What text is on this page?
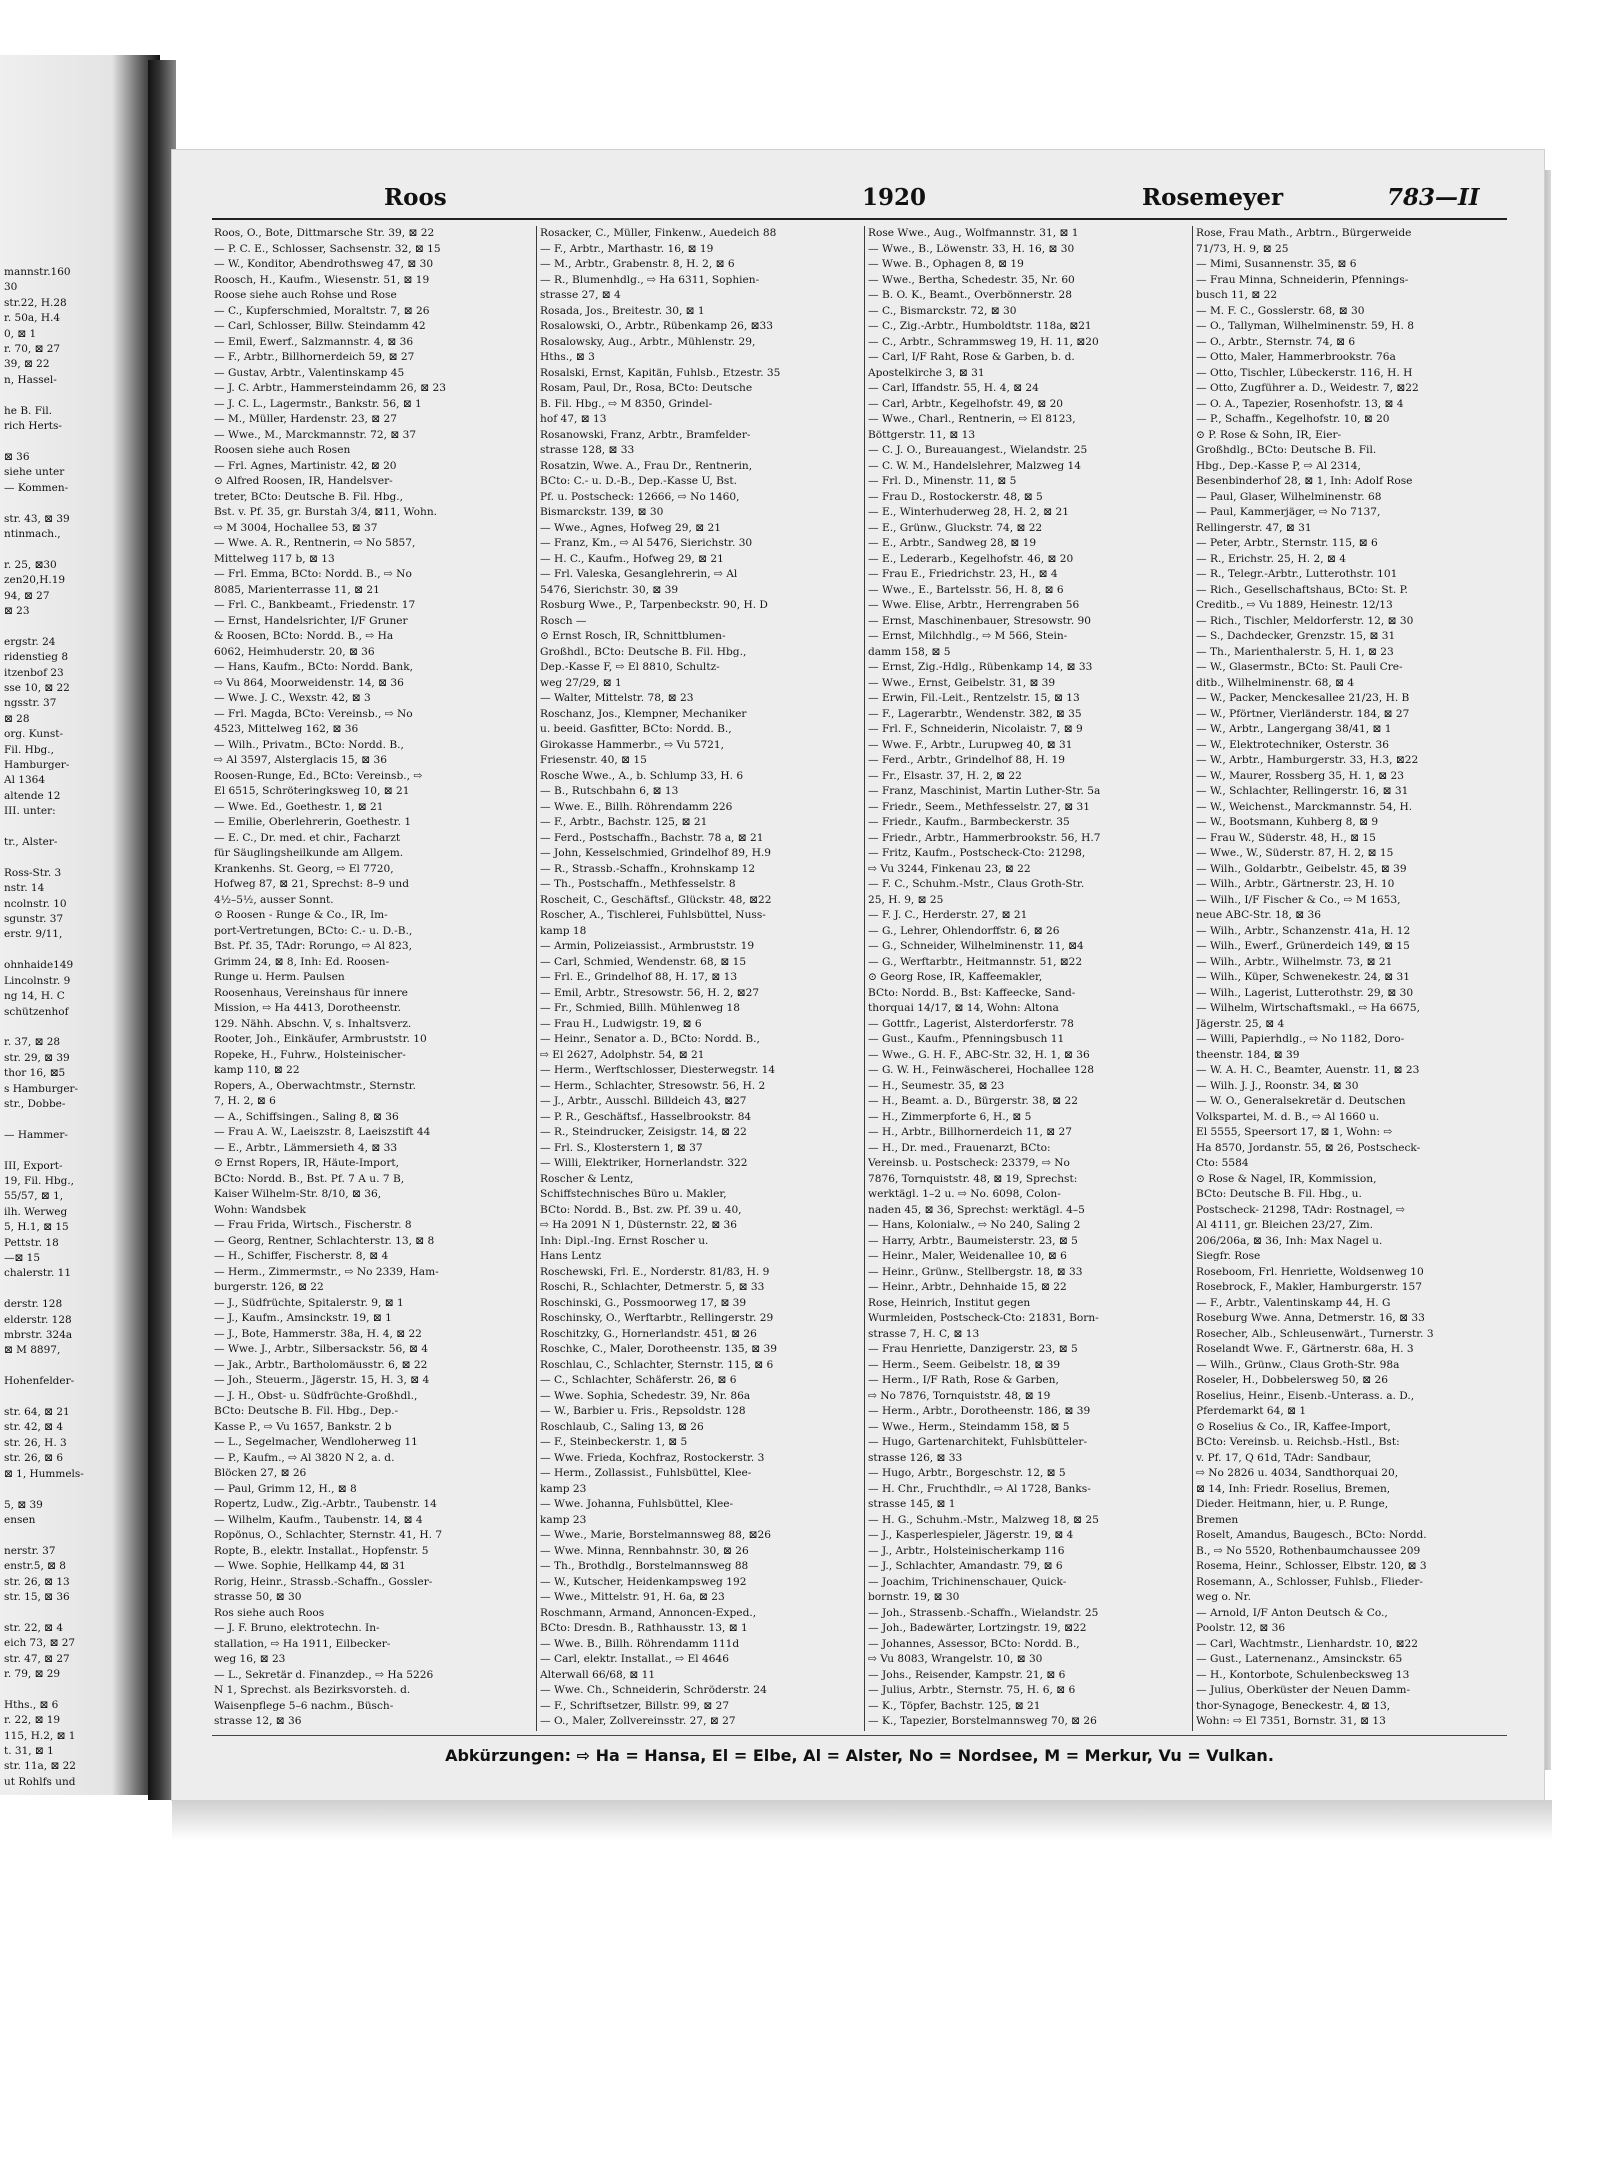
mannstr.160
30
str.22, H.28
r. 50a, H.4
0, ⊠ 1
r. 70, ⊠ 27
39, ⊠ 22
n, Hassel-

he B. Fil.
rich Herts-

⊠ 36
siehe unter
— Kommen-

str. 43, ⊠ 39
ntinmach.,

r. 25, ⊠30
zen20,H.19
94, ⊠ 27
⊠ 23

ergstr. 24
ridenstieg 8
itzenbof 23
sse 10, ⊠ 22
ngsstr. 37
⊠ 28
org. Kunst-
Fil. Hbg.,
Hamburger-
Al 1364
altende 12
III. unter:

tr., Alster-

Ross-Str. 3
nstr. 14
ncolnstr. 10
sgunstr. 37
erstr. 9/11,

ohnhaide149
Lincolnstr. 9
ng 14, H. C
schützenhof

r. 37, ⊠ 28
str. 29, ⊠ 39
thor 16, ⊠5
s Hamburger-
str., Dobbe-

— Hammer-

III, Export-
19, Fil. Hbg.,
55/57, ⊠ 1,
ilh. Werweg
5, H.1, ⊠ 15
Pettstr. 18
—⊠ 15
chalerstr. 11

derstr. 128
elderstr. 128
mbrstr. 324a
⊠ M 8897,

Hohenfelder-

str. 64, ⊠ 21
str. 42, ⊠ 4
str. 26, H. 3
str. 26, ⊠ 6
⊠ 1, Hummels-

5, ⊠ 39
ensen

nerstr. 37
enstr.5, ⊠ 8
str. 26, ⊠ 13
str. 15, ⊠ 36

str. 22, ⊠ 4
eich 73, ⊠ 27
str. 47, ⊠ 27
r. 79, ⊠ 29

Hths., ⊠ 6
r. 22, ⊠ 19
115, H.2, ⊠ 1
t. 31, ⊠ 1
str. 11a, ⊠ 22
ut Rohlfs und

Roos	1920	Rosemeyer	783—II
Roos, O., Bote, Dittmarsche Str. 39, ⊠ 22
— P. C. E., Schlosser, Sachsenstr. 32, ⊠ 15
— W., Konditor, Abendrothsweg 47, ⊠ 30
Roosch, H., Kaufm., Wiesenstr. 51, ⊠ 19
Roose siehe auch Rohse und Rose
— C., Kupferschmied, Moraltstr. 7, ⊠ 26
— Carl, Schlosser, Billw. Steindamm 42
— Emil, Ewerf., Salzmannstr. 4, ⊠ 36
— F., Arbtr., Billhornerdeich 59, ⊠ 27
— Gustav, Arbtr., Valentinskamp 45
— J. C. Arbtr., Hammersteindamm 26, ⊠ 23
— J. C. L., Lagermstr., Bankstr. 56, ⊠ 1
— M., Müller, Hardenstr. 23, ⊠ 27
— Wwe., M., Marckmannstr. 72, ⊠ 37
Roosen siehe auch Rosen
— Frl. Agnes, Martinistr. 42, ⊠ 20
⊙ Alfred Roosen, IR, Handelsver-
treter, BCto: Deutsche B. Fil. Hbg.,
Bst. v. Pf. 35, gr. Burstah 3/4, ⊠11, Wohn.
⇨ M 3004, Hochallee 53, ⊠ 37
— Wwe. A. R., Rentnerin, ⇨ No 5857,
Mittelweg 117 b, ⊠ 13
— Frl. Emma, BCto: Nordd. B., ⇨ No
8085, Marienterrasse 11, ⊠ 21
— Frl. C., Bankbeamt., Friedenstr. 17
— Ernst, Handelsrichter, I/F Gruner
& Roosen, BCto: Nordd. B., ⇨ Ha
6062, Heimhuderstr. 20, ⊠ 36
— Hans, Kaufm., BCto: Nordd. Bank,
⇨ Vu 864, Moorweidenstr. 14, ⊠ 36
— Wwe. J. C., Wexstr. 42, ⊠ 3
— Frl. Magda, BCto: Vereinsb., ⇨ No
4523, Mittelweg 162, ⊠ 36
— Wilh., Privatm., BCto: Nordd. B.,
⇨ Al 3597, Alsterglacis 15, ⊠ 36
Roosen-Runge, Ed., BCto: Vereinsb., ⇨
El 6515, Schröteringksweg 10, ⊠ 21
— Wwe. Ed., Goethestr. 1, ⊠ 21
— Emilie, Oberlehrerin, Goethestr. 1
— E. C., Dr. med. et chir., Facharzt
für Säuglingsheilkunde am Allgem.
Krankenhs. St. Georg, ⇨ El 7720,
Hofweg 87, ⊠ 21, Sprechst: 8–9 und
4½–5½, ausser Sonnt.
⊙ Roosen - Runge & Co., IR, Im-
port-Vertretungen, BCto: C.- u. D.-B.,
Bst. Pf. 35, TAdr: Rorungo, ⇨ Al 823,
Grimm 24, ⊠ 8, Inh: Ed. Roosen-
Runge u. Herm. Paulsen
Roosenhaus, Vereinshaus für innere
Mission, ⇨ Ha 4413, Dorotheenstr.
129. Nähh. Abschn. V, s. Inhaltsverz.
Rooter, Joh., Einkäufer, Armbruststr. 10
Ropeke, H., Fuhrw., Holsteinischer-
kamp 110, ⊠ 22
Ropers, A., Oberwachtmstr., Sternstr.
7, H. 2, ⊠ 6
— A., Schiffsingen., Saling 8, ⊠ 36
— Frau A. W., Laeiszstr. 8, Laeiszstift 44
— E., Arbtr., Lämmersieth 4, ⊠ 33
⊙ Ernst Ropers, IR, Häute-Import,
BCto: Nordd. B., Bst. Pf. 7 A u. 7 B,
Kaiser Wilhelm-Str. 8/10, ⊠ 36,
Wohn: Wandsbek
— Frau Frida, Wirtsch., Fischerstr. 8
— Georg, Rentner, Schlachterstr. 13, ⊠ 8
— H., Schiffer, Fischerstr. 8, ⊠ 4
— Herm., Zimmermstr., ⇨ No 2339, Ham-
burgerstr. 126, ⊠ 22
— J., Südfrüchte, Spitalerstr. 9, ⊠ 1
— J., Kaufm., Amsinckstr. 19, ⊠ 1
— J., Bote, Hammerstr. 38a, H. 4, ⊠ 22
— Wwe. J., Arbtr., Silbersackstr. 56, ⊠ 4
— Jak., Arbtr., Bartholomäusstr. 6, ⊠ 22
— Joh., Steuerm., Jägerstr. 15, H. 3, ⊠ 4
— J. H., Obst- u. Südfrüchte-Großhdl.,
BCto: Deutsche B. Fil. Hbg., Dep.-
Kasse P., ⇨ Vu 1657, Bankstr. 2 b
— L., Segelmacher, Wendloherweg 11
— P., Kaufm., ⇨ Al 3820 N 2, a. d.
Blöcken 27, ⊠ 26
— Paul, Grimm 12, H., ⊠ 8
Ropertz, Ludw., Zig.-Arbtr., Taubenstr. 14
— Wilhelm, Kaufm., Taubenstr. 14, ⊠ 4
Ropönus, O., Schlachter, Sternstr. 41, H. 7
Ropte, B., elektr. Installat., Hopfenstr. 5
— Wwe. Sophie, Hellkamp 44, ⊠ 31
Rorig, Heinr., Strassb.-Schaffn., Gossler-
strasse 50, ⊠ 30
Ros siehe auch Roos
— J. F. Bruno, elektrotechn. In-
stallation, ⇨ Ha 1911, Eilbecker-
weg 16, ⊠ 23
— L., Sekretär d. Finanzdep., ⇨ Ha 5226
N 1, Sprechst. als Bezirksvorsteh. d.
Waisenpflege 5–6 nachm., Büsch-
strasse 12, ⊠ 36
Rosacker, C., Müller, Finkenw., Auedeich 88
— F., Arbtr., Marthastr. 16, ⊠ 19
— M., Arbtr., Grabenstr. 8, H. 2, ⊠ 6
— R., Blumenhdlg., ⇨ Ha 6311, Sophien-
strasse 27, ⊠ 4
Rosada, Jos., Breitestr. 30, ⊠ 1
Rosalowski, O., Arbtr., Rübenkamp 26, ⊠33
Rosalowsky, Aug., Arbtr., Mühlenstr. 29,
Hths., ⊠ 3
Rosalski, Ernst, Kapitän, Fuhlsb., Etzestr. 35
Rosam, Paul, Dr., Rosa, BCto: Deutsche
B. Fil. Hbg., ⇨ M 8350, Grindel-
hof 47, ⊠ 13
Rosanowski, Franz, Arbtr., Bramfelder-
strasse 128, ⊠ 33
Rosatzin, Wwe. A., Frau Dr., Rentnerin,
BCto: C.- u. D.-B., Dep.-Kasse U, Bst.
Pf. u. Postscheck: 12666, ⇨ No 1460,
Bismarckstr. 139, ⊠ 30
— Wwe., Agnes, Hofweg 29, ⊠ 21
— Franz, Km., ⇨ Al 5476, Sierichstr. 30
— H. C., Kaufm., Hofweg 29, ⊠ 21
— Frl. Valeska, Gesanglehrerin, ⇨ Al
5476, Sierichstr. 30, ⊠ 39
Rosburg Wwe., P., Tarpenbeckstr. 90, H. D
Rosch —
⊙ Ernst Rosch, IR, Schnittblumen-
Großhdl., BCto: Deutsche B. Fil. Hbg.,
Dep.-Kasse F, ⇨ El 8810, Schultz-
weg 27/29, ⊠ 1
— Walter, Mittelstr. 78, ⊠ 23
Roschanz, Jos., Klempner, Mechaniker
u. beeid. Gasfitter, BCto: Nordd. B.,
Girokasse Hammerbr., ⇨ Vu 5721,
Friesenstr. 40, ⊠ 15
Rosche Wwe., A., b. Schlump 33, H. 6
— B., Rutschbahn 6, ⊠ 13
— Wwe. E., Billh. Röhrendamm 226
— F., Arbtr., Bachstr. 125, ⊠ 21
— Ferd., Postschaffn., Bachstr. 78 a, ⊠ 21
— John, Kesselschmied, Grindelhof 89, H.9
— R., Strassb.-Schaffn., Krohnskamp 12
— Th., Postschaffn., Methfesselstr. 8
Roscheit, C., Geschäftsf., Glückstr. 48, ⊠22
Roscher, A., Tischlerei, Fuhlsbüttel, Nuss-
kamp 18
— Armin, Polizeiassist., Armbruststr. 19
— Carl, Schmied, Wendenstr. 68, ⊠ 15
— Frl. E., Grindelhof 88, H. 17, ⊠ 13
— Emil, Arbtr., Stresowstr. 56, H. 2, ⊠27
— Fr., Schmied, Billh. Mühlenweg 18
— Frau H., Ludwigstr. 19, ⊠ 6
— Heinr., Senator a. D., BCto: Nordd. B.,
⇨ El 2627, Adolphstr. 54, ⊠ 21
— Herm., Werftschlosser, Diesterwegstr. 14
— Herm., Schlachter, Stresowstr. 56, H. 2
— J., Arbtr., Ausschl. Billdeich 43, ⊠27
— P. R., Geschäftsf., Hasselbrookstr. 84
— R., Steindrucker, Zeisigstr. 14, ⊠ 22
— Frl. S., Klosterstern 1, ⊠ 37
— Willi, Elektriker, Hornerlandstr. 322
Roscher & Lentz,
Schiffstechnisches Büro u. Makler,
BCto: Nordd. B., Bst. zw. Pf. 39 u. 40,
⇨ Ha 2091 N 1, Düsternstr. 22, ⊠ 36
Inh: Dipl.-Ing. Ernst Roscher u.
Hans Lentz
Roschewski, Frl. E., Norderstr. 81/83, H. 9
Roschi, R., Schlachter, Detmerstr. 5, ⊠ 33
Roschinski, G., Possmoorweg 17, ⊠ 39
Roschinsky, O., Werftarbtr., Rellingerstr. 29
Roschitzky, G., Hornerlandstr. 451, ⊠ 26
Roschke, C., Maler, Dorotheenstr. 135, ⊠ 39
Roschlau, C., Schlachter, Sternstr. 115, ⊠ 6
— C., Schlachter, Schäferstr. 26, ⊠ 6
— Wwe. Sophia, Schedestr. 39, Nr. 86a
— W., Barbier u. Fris., Repsoldstr. 128
Roschlaub, C., Saling 13, ⊠ 26
— F., Steinbeckerstr. 1, ⊠ 5
— Wwe. Frieda, Kochfraz, Rostockerstr. 3
— Herm., Zollassist., Fuhlsbüttel, Klee-
kamp 23
— Wwe. Johanna, Fuhlsbüttel, Klee-
kamp 23
— Wwe., Marie, Borstelmannsweg 88, ⊠26
— Wwe. Minna, Rennbahnstr. 30, ⊠ 26
— Th., Brothdlg., Borstelmannsweg 88
— W., Kutscher, Heidenkampsweg 192
— Wwe., Mittelstr. 91, H. 6a, ⊠ 23
Roschmann, Armand, Annoncen-Exped.,
BCto: Dresdn. B., Rathhausstr. 13, ⊠ 1
— Wwe. B., Billh. Röhrendamm 111d
— Carl, elektr. Installat., ⇨ El 4646
Alterwall 66/68, ⊠ 11
— Wwe. Ch., Schneiderin, Schröderstr. 24
— F., Schriftsetzer, Billstr. 99, ⊠ 27
— O., Maler, Zollvereinsstr. 27, ⊠ 27
Rose Wwe., Aug., Wolfmannstr. 31, ⊠ 1
— Wwe., B., Löwenstr. 33, H. 16, ⊠ 30
— Wwe. B., Ophagen 8, ⊠ 19
— Wwe., Bertha, Schedestr. 35, Nr. 60
— B. O. K., Beamt., Overbönnerstr. 28
— C., Bismarckstr. 72, ⊠ 30
— C., Zig.-Arbtr., Humboldtstr. 118a, ⊠21
— C., Arbtr., Schrammsweg 19, H. 11, ⊠20
— Carl, I/F Raht, Rose & Garben, b. d.
Apostelkirche 3, ⊠ 31
— Carl, Iffandstr. 55, H. 4, ⊠ 24
— Carl, Arbtr., Kegelhofstr. 49, ⊠ 20
— Wwe., Charl., Rentnerin, ⇨ El 8123,
Böttgerstr. 11, ⊠ 13
— C. J. O., Bureauangest., Wielandstr. 25
— C. W. M., Handelslehrer, Malzweg 14
— Frl. D., Minenstr. 11, ⊠ 5
— Frau D., Rostockerstr. 48, ⊠ 5
— E., Winterhuderweg 28, H. 2, ⊠ 21
— E., Grünw., Gluckstr. 74, ⊠ 22
— E., Arbtr., Sandweg 28, ⊠ 19
— E., Lederarb., Kegelhofstr. 46, ⊠ 20
— Frau E., Friedrichstr. 23, H., ⊠ 4
— Wwe., E., Bartelsstr. 56, H. 8, ⊠ 6
— Wwe. Elise, Arbtr., Herrengraben 56
— Ernst, Maschinenbauer, Stresowstr. 90
— Ernst, Milchhdlg., ⇨ M 566, Stein-
damm 158, ⊠ 5
— Ernst, Zig.-Hdlg., Rübenkamp 14, ⊠ 33
— Wwe., Ernst, Geibelstr. 31, ⊠ 39
— Erwin, Fil.-Leit., Rentzelstr. 15, ⊠ 13
— F., Lagerarbtr., Wendenstr. 382, ⊠ 35
— Frl. F., Schneiderin, Nicolaistr. 7, ⊠ 9
— Wwe. F., Arbtr., Lurupweg 40, ⊠ 31
— Ferd., Arbtr., Grindelhof 88, H. 19
— Fr., Elsastr. 37, H. 2, ⊠ 22
— Franz, Maschinist, Martin Luther-Str. 5a
— Friedr., Seem., Methfesselstr. 27, ⊠ 31
— Friedr., Kaufm., Barmbeckerstr. 35
— Friedr., Arbtr., Hammerbrookstr. 56, H.7
— Fritz, Kaufm., Postscheck-Cto: 21298,
⇨ Vu 3244, Finkenau 23, ⊠ 22
— F. C., Schuhm.-Mstr., Claus Groth-Str.
25, H. 9, ⊠ 25
— F. J. C., Herderstr. 27, ⊠ 21
— G., Lehrer, Ohlendorffstr. 6, ⊠ 26
— G., Schneider, Wilhelminenstr. 11, ⊠4
— G., Werftarbtr., Heitmannstr. 51, ⊠22
⊙ Georg Rose, IR, Kaffeemakler,
BCto: Nordd. B., Bst: Kaffeecke, Sand-
thorquai 14/17, ⊠ 14, Wohn: Altona
— Gottfr., Lagerist, Alsterdorferstr. 78
— Gust., Kaufm., Pfenningsbusch 11
— Wwe., G. H. F., ABC-Str. 32, H. 1, ⊠ 36
— G. W. H., Feinwäscherei, Hochallee 128
— H., Seumestr. 35, ⊠ 23
— H., Beamt. a. D., Bürgerstr. 38, ⊠ 22
— H., Zimmerpforte 6, H., ⊠ 5
— H., Arbtr., Billhornerdeich 11, ⊠ 27
— H., Dr. med., Frauenarzt, BCto:
Vereinsb. u. Postscheck: 23379, ⇨ No
7876, Tornquiststr. 48, ⊠ 19, Sprechst:
werktägl. 1–2 u. ⇨ No. 6098, Colon-
naden 45, ⊠ 36, Sprechst: werktägl. 4–5
— Hans, Kolonialw., ⇨ No 240, Saling 2
— Harry, Arbtr., Baumeisterstr. 23, ⊠ 5
— Heinr., Maler, Weidenallee 10, ⊠ 6
— Heinr., Grünw., Stellbergstr. 18, ⊠ 33
— Heinr., Arbtr., Dehnhaide 15, ⊠ 22
Rose, Heinrich, Institut gegen
Wurmleiden, Postscheck-Cto: 21831, Born-
strasse 7, H. C, ⊠ 13
— Frau Henriette, Danzigerstr. 23, ⊠ 5
— Herm., Seem. Geibelstr. 18, ⊠ 39
— Herm., I/F Rath, Rose & Garben,
⇨ No 7876, Tornquiststr. 48, ⊠ 19
— Herm., Arbtr., Dorotheenstr. 186, ⊠ 39
— Wwe., Herm., Steindamm 158, ⊠ 5
— Hugo, Gartenarchitekt, Fuhlsbütteler-
strasse 126, ⊠ 33
— Hugo, Arbtr., Borgeschstr. 12, ⊠ 5
— H. Chr., Fruchthdlr., ⇨ Al 1728, Banks-
strasse 145, ⊠ 1
— H. G., Schuhm.-Mstr., Malzweg 18, ⊠ 25
— J., Kasperlespieler, Jägerstr. 19, ⊠ 4
— J., Arbtr., Holsteinischerkamp 116
— J., Schlachter, Amandastr. 79, ⊠ 6
— Joachim, Trichinenschauer, Quick-
bornstr. 19, ⊠ 30
— Joh., Strassenb.-Schaffn., Wielandstr. 25
— Joh., Badewärter, Lortzingstr. 19, ⊠22
— Johannes, Assessor, BCto: Nordd. B.,
⇨ Vu 8083, Wrangelstr. 10, ⊠ 30
— Johs., Reisender, Kampstr. 21, ⊠ 6
— Julius, Arbtr., Sternstr. 75, H. 6, ⊠ 6
— K., Töpfer, Bachstr. 125, ⊠ 21
— K., Tapezier, Borstelmannsweg 70, ⊠ 26
Rose, Frau Math., Arbtrn., Bürgerweide
71/73, H. 9, ⊠ 25
— Mimi, Susannenstr. 35, ⊠ 6
— Frau Minna, Schneiderin, Pfennings-
busch 11, ⊠ 22
— M. F. C., Gosslerstr. 68, ⊠ 30
— O., Tallyman, Wilhelminenstr. 59, H. 8
— O., Arbtr., Sternstr. 74, ⊠ 6
— Otto, Maler, Hammerbrookstr. 76a
— Otto, Tischler, Lübeckerstr. 116, H. H
— Otto, Zugführer a. D., Weidestr. 7, ⊠22
— O. A., Tapezier, Rosenhofstr. 13, ⊠ 4
— P., Schaffn., Kegelhofstr. 10, ⊠ 20
⊙ P. Rose & Sohn, IR, Eier-
Großhdlg., BCto: Deutsche B. Fil.
Hbg., Dep.-Kasse P, ⇨ Al 2314,
Besenbinderhof 28, ⊠ 1, Inh: Adolf Rose
— Paul, Glaser, Wilhelminenstr. 68
— Paul, Kammerjäger, ⇨ No 7137,
Rellingerstr. 47, ⊠ 31
— Peter, Arbtr., Sternstr. 115, ⊠ 6
— R., Erichstr. 25, H. 2, ⊠ 4
— R., Telegr.-Arbtr., Lutterothstr. 101
— Rich., Gesellschaftshaus, BCto: St. P.
Creditb., ⇨ Vu 1889, Heinestr. 12/13
— Rich., Tischler, Meldorferstr. 12, ⊠ 30
— S., Dachdecker, Grenzstr. 15, ⊠ 31
— Th., Marienthalerstr. 5, H. 1, ⊠ 23
— W., Glasermstr., BCto: St. Pauli Cre-
ditb., Wilhelminenstr. 68, ⊠ 4
— W., Packer, Menckesallee 21/23, H. B
— W., Pförtner, Vierländerstr. 184, ⊠ 27
— W., Arbtr., Langergang 38/41, ⊠ 1
— W., Elektrotechniker, Osterstr. 36
— W., Arbtr., Hamburgerstr. 33, H.3, ⊠22
— W., Maurer, Rossberg 35, H. 1, ⊠ 23
— W., Schlachter, Rellingerstr. 16, ⊠ 31
— W., Weichenst., Marckmannstr. 54, H.
— W., Bootsmann, Kuhberg 8, ⊠ 9
— Frau W., Süderstr. 48, H., ⊠ 15
— Wwe., W., Süderstr. 87, H. 2, ⊠ 15
— Wilh., Goldarbtr., Geibelstr. 45, ⊠ 39
— Wilh., Arbtr., Gärtnerstr. 23, H. 10
— Wilh., I/F Fischer & Co., ⇨ M 1653,
neue ABC-Str. 18, ⊠ 36
— Wilh., Arbtr., Schanzenstr. 41a, H. 12
— Wilh., Ewerf., Grünerdeich 149, ⊠ 15
— Wilh., Arbtr., Wilhelmstr. 73, ⊠ 21
— Wilh., Küper, Schwenekestr. 24, ⊠ 31
— Wilh., Lagerist, Lutterothstr. 29, ⊠ 30
— Wilhelm, Wirtschaftsmakl., ⇨ Ha 6675,
Jägerstr. 25, ⊠ 4
— Willi, Papierhdlg., ⇨ No 1182, Doro-
theenstr. 184, ⊠ 39
— W. A. H. C., Beamter, Auenstr. 11, ⊠ 23
— Wilh. J. J., Roonstr. 34, ⊠ 30
— W. O., Generalsekretär d. Deutschen
Volkspartei, M. d. B., ⇨ Al 1660 u.
El 5555, Speersort 17, ⊠ 1, Wohn: ⇨
Ha 8570, Jordanstr. 55, ⊠ 26, Postscheck-
Cto: 5584
⊙ Rose & Nagel, IR, Kommission,
BCto: Deutsche B. Fil. Hbg., u.
Postscheck- 21298, TAdr: Rostnagel, ⇨
Al 4111, gr. Bleichen 23/27, Zim.
206/206a, ⊠ 36, Inh: Max Nagel u.
Siegfr. Rose
Roseboom, Frl. Henriette, Woldsenweg 10
Rosebrock, F., Makler, Hamburgerstr. 157
— F., Arbtr., Valentinskamp 44, H. G
Roseburg Wwe. Anna, Detmerstr. 16, ⊠ 33
Rosecher, Alb., Schleusenwärt., Turnerstr. 3
Roselandt Wwe. F., Gärtnerstr. 68a, H. 3
— Wilh., Grünw., Claus Groth-Str. 98a
Roseler, H., Dobbelersweg 50, ⊠ 26
Roselius, Heinr., Eisenb.-Unterass. a. D.,
Pferdemarkt 64, ⊠ 1
⊙ Roselius & Co., IR, Kaffee-Import,
BCto: Vereinsb. u. Reichsb.-Hstl., Bst:
v. Pf. 17, Q 61d, TAdr: Sandbaur,
⇨ No 2826 u. 4034, Sandthorquai 20,
⊠ 14, Inh: Friedr. Roselius, Bremen,
Dieder. Heitmann, hier, u. P. Runge,
Bremen
Roselt, Amandus, Baugesch., BCto: Nordd.
B., ⇨ No 5520, Rothenbaumchaussee 209
Rosema, Heinr., Schlosser, Elbstr. 120, ⊠ 3
Rosemann, A., Schlosser, Fuhlsb., Flieder-
weg o. Nr.
— Arnold, I/F Anton Deutsch & Co.,
Poolstr. 12, ⊠ 36
— Carl, Wachtmstr., Lienhardstr. 10, ⊠22
— Gust., Laternenanz., Amsinckstr. 65
— H., Kontorbote, Schulenbecksweg 13
— Julius, Oberküster der Neuen Damm-
thor-Synagoge, Beneckestr. 4, ⊠ 13,
Wohn: ⇨ El 7351, Bornstr. 31, ⊠ 13
Abkürzungen: ⇨ Ha = Hansa, El = Elbe, Al = Alster, No = Nordsee, M = Merkur, Vu = Vulkan.
